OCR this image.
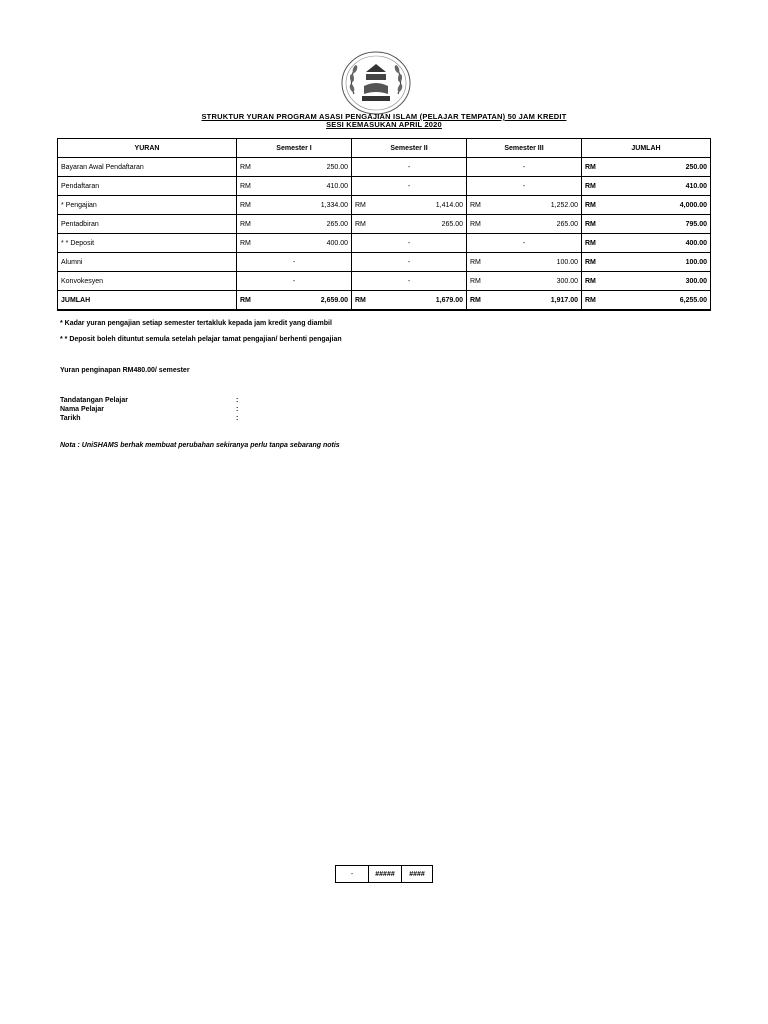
STRUKTUR YURAN PROGRAM ASASI PENGAJIAN ISLAM (PELAJAR TEMPATAN) 50 JAM KREDIT
SESI KEMASUKAN APRIL 2020
YURAN	Semester I	Semester II	Semester III	JUMLAH
Bayaran Awal Pendaftaran	RM 250.00	-	-	RM 250.00

Pendaftaran	RM 410.00	-	-	RM 410.00

* Pengajian	RM 1,334.00	RM 1,414.00	RM 1,252.00	RM 4,000.00

Pentadbiran	RM 265.00	RM 265.00	RM 265.00	RM 795.00

* * Deposit	RM 400.00	-	-	RM 400.00

Alumni	-	-	RM 100.00	RM 100.00

Konvokesyen	-	-	RM 300.00	RM 300.00

JUMLAH	RM 2,659.00	RM 1,679.00	RM 1,917.00	RM 6,255.00
* Kadar yuran pengajian setiap semester tertakluk kepada jam kredit yang diambil
* * Deposit boleh dituntut semula setelah pelajar tamat pengajian/ berhenti pengajian
Yuran penginapan RM480.00/ semester
Tandatangan Pelajar	:
Nama Pelajar	:
Tarikh	:
Nota : UniSHAMS berhak membuat perubahan sekiranya perlu tanpa sebarang notis
-	#####	####
